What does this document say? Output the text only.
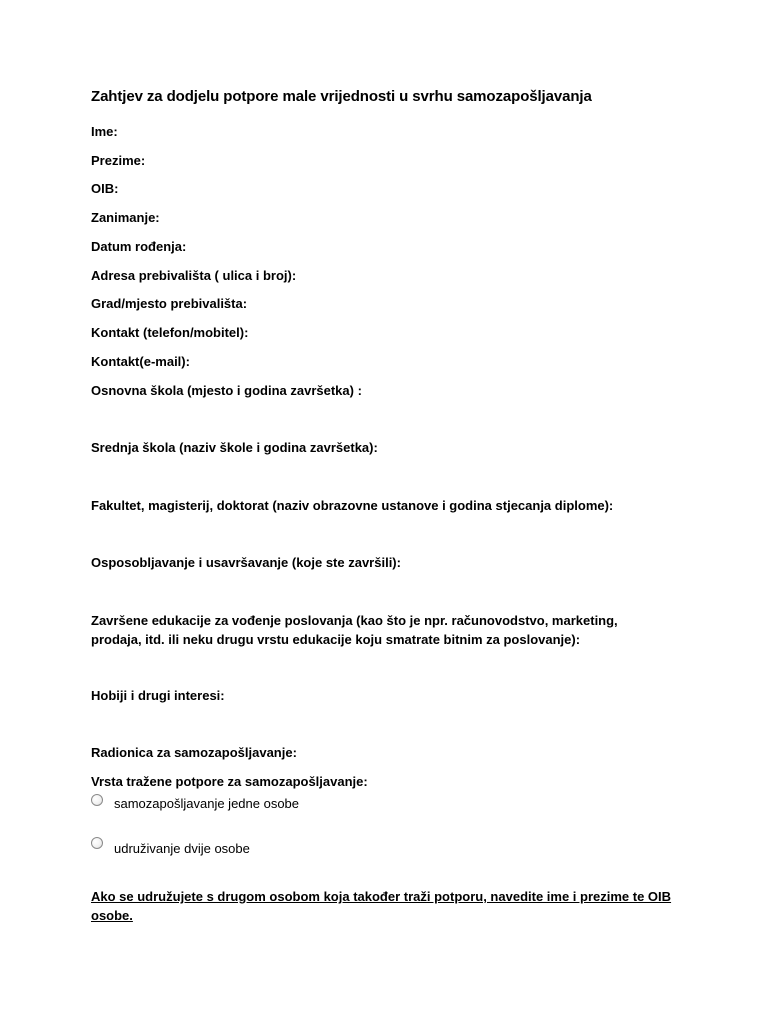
Zahtjev za dodjelu potpore male vrijednosti u svrhu samozapošljavanja
Ime:
Prezime:
OIB:
Zanimanje:
Datum rođenja:
Adresa prebivališta ( ulica i broj):
Grad/mjesto prebivališta:
Kontakt (telefon/mobitel):
Kontakt(e-mail):
Osnovna škola (mjesto i godina završetka) :
Srednja škola (naziv škole i godina završetka):
Fakultet, magisterij, doktorat (naziv obrazovne ustanove i godina stjecanja diplome):
Osposobljavanje i usavršavanje (koje ste završili):
Završene edukacije za vođenje poslovanja (kao što je npr. računovodstvo, marketing, prodaja, itd. ili neku drugu vrstu edukacije koju smatrate bitnim za poslovanje):
Hobiji i drugi interesi:
Radionica za samozapošljavanje:
Vrsta tražene potpore za samozapošljavanje:
samozapošljavanje jedne osobe
udruživanje dvije osobe
Ako se udružujete s drugom osobom koja također traži potporu, navedite ime i prezime te OIB osobe.
